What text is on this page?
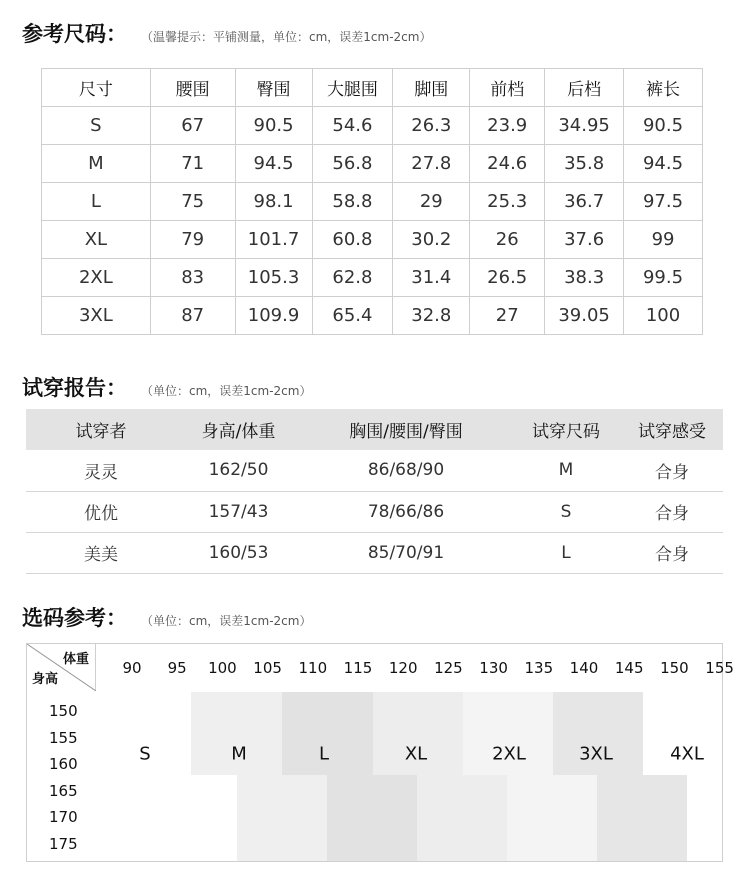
参考尺码： （温馨提示：平铺测量，单位：cm，误差1cm-2cm）
尺寸	腰围	臀围	大腿围	脚围	前档	后档	裤长
S	67	90.5	54.6	26.3	23.9	34.95	90.5
M	71	94.5	56.8	27.8	24.6	35.8	94.5
L	75	98.1	58.8	29	25.3	36.7	97.5
XL	79	101.7	60.8	30.2	26	37.6	99
2XL	83	105.3	62.8	31.4	26.5	38.3	99.5
3XL	87	109.9	65.4	32.8	27	39.05	100
试穿报告： （单位：cm，误差1cm-2cm）
试穿者	身高/体重	胸围/腰围/臀围	试穿尺码	试穿感受
灵灵	162/50	86/68/90	M	合身
优优	157/43	78/66/86	S	合身
美美	160/53	85/70/91	L	合身
选码参考： （单位：cm，误差1cm-2cm）
体重
身高
90 95 100 105 110 115 120 125 130 135 140 145 150 155
150
155
160
165
170
175
S	M	L	XL	2XL	3XL	4XL
